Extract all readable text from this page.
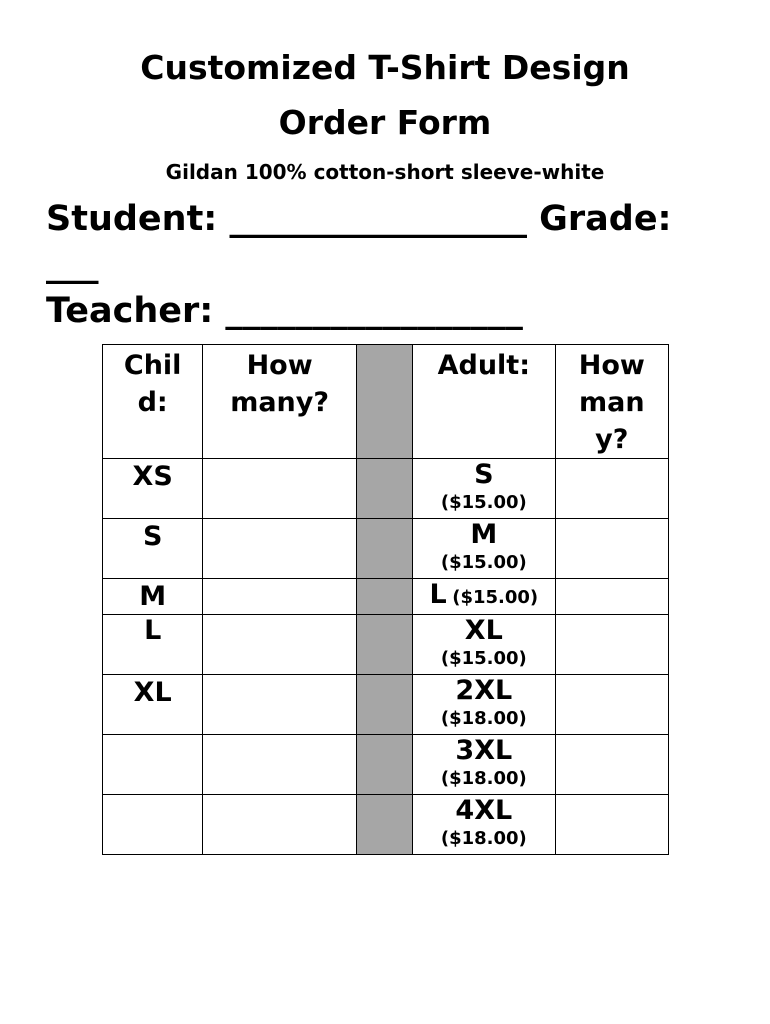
Customized T-Shirt Design
Order Form
Gildan 100% cotton-short sleeve-white
Student: _________________ Grade:
___
Teacher: _________________
Child:	How many?		Adult:	How many?

XS			S
($15.00)	

S			M
($15.00)	

M			L ($15.00)	

L			XL
($15.00)	

XL			2XL
($18.00)	

			3XL
($18.00)	

			4XL
($18.00)	
